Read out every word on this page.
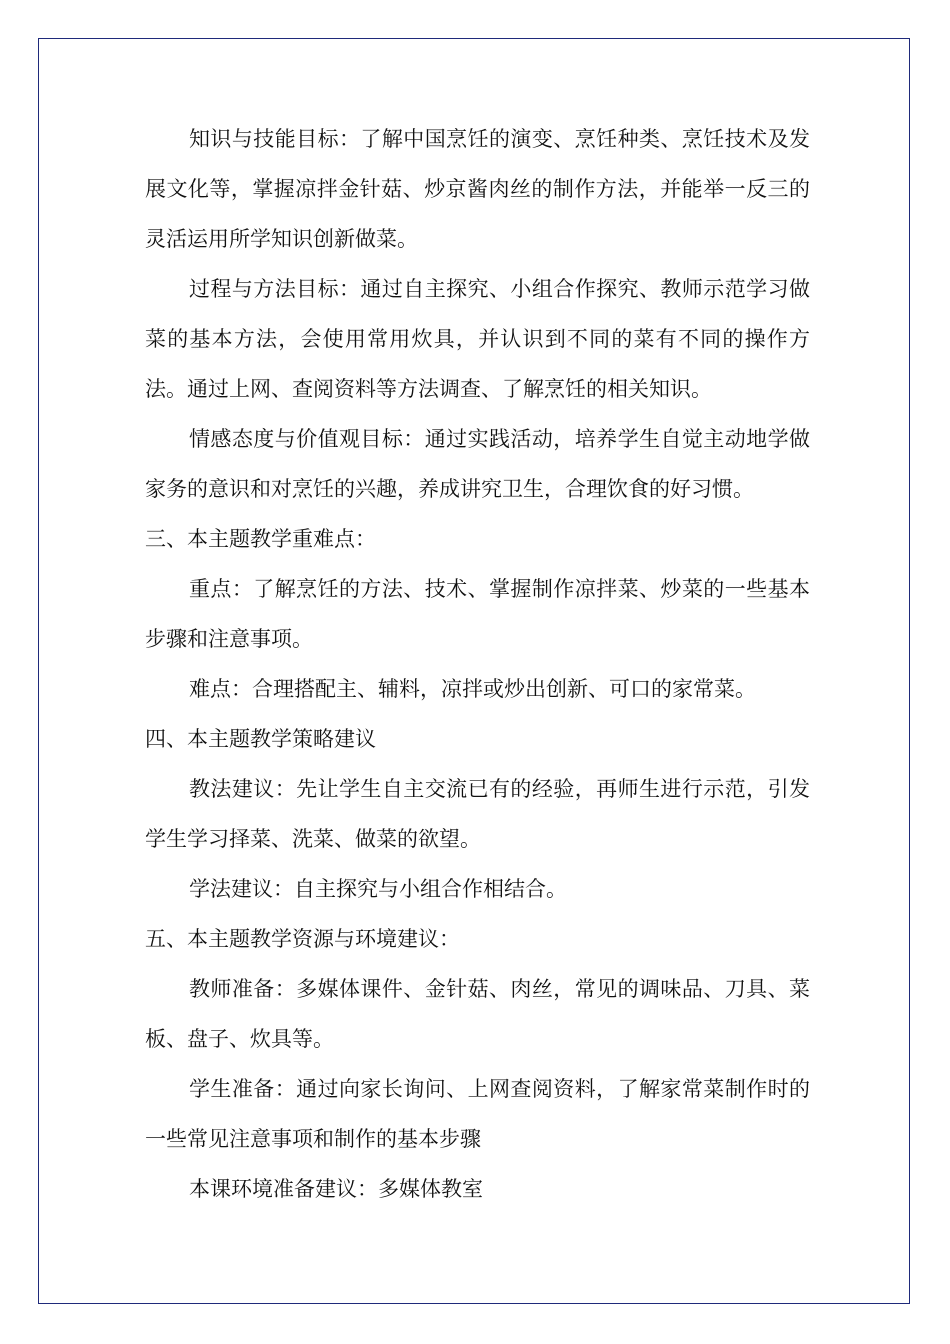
知识与技能目标：了解中国烹饪的演变、烹饪种类、烹饪技术及发展文化等，掌握凉拌金针菇、炒京酱肉丝的制作方法，并能举一反三的灵活运用所学知识创新做菜。

过程与方法目标：通过自主探究、小组合作探究、教师示范学习做菜的基本方法，会使用常用炊具，并认识到不同的菜有不同的操作方法。通过上网、查阅资料等方法调查、了解烹饪的相关知识。

情感态度与价值观目标：通过实践活动，培养学生自觉主动地学做家务的意识和对烹饪的兴趣，养成讲究卫生，合理饮食的好习惯。

三、本主题教学重难点：

重点：了解烹饪的方法、技术、掌握制作凉拌菜、炒菜的一些基本步骤和注意事项。

难点：合理搭配主、辅料，凉拌或炒出创新、可口的家常菜。

四、本主题教学策略建议

教法建议：先让学生自主交流已有的经验，再师生进行示范，引发学生学习择菜、洗菜、做菜的欲望。

学法建议：自主探究与小组合作相结合。

五、本主题教学资源与环境建议：

教师准备：多媒体课件、金针菇、肉丝，常见的调味品、刀具、菜板、盘子、炊具等。

学生准备：通过向家长询问、上网查阅资料，了解家常菜制作时的一些常见注意事项和制作的基本步骤

本课环境准备建议：多媒体教室
